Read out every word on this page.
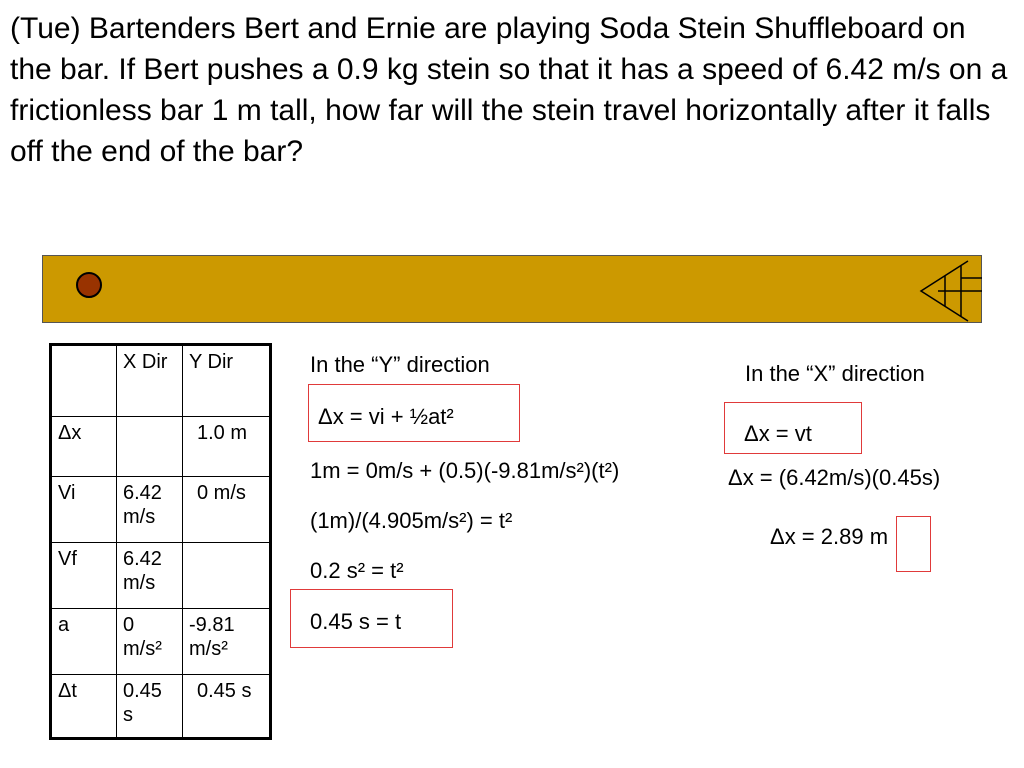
(Tue) Bartenders Bert and Ernie are playing Soda Stein Shuffleboard on the bar. If Bert pushes a 0.9 kg stein so that it has a speed of 6.42 m/s on a frictionless bar 1 m tall, how far will the stein travel horizontally after it falls off the end of the bar?

	X Dir	Y Dir
Δx		1.0 m
Vi	6.42 m/s	0 m/s
Vf	6.42 m/s	
a	0 m/s²	-9.81 m/s²
Δt	0.45 s	0.45 s
In the “Y” direction
Δx = vi + ½at²
1m = 0m/s + (0.5)(-9.81m/s²)(t²)
(1m)/(4.905m/s²) = t²
0.2 s² = t²
0.45 s = t
In the “X” direction
Δx = vt
Δx = (6.42m/s)(0.45s)
Δx = 2.89 m
